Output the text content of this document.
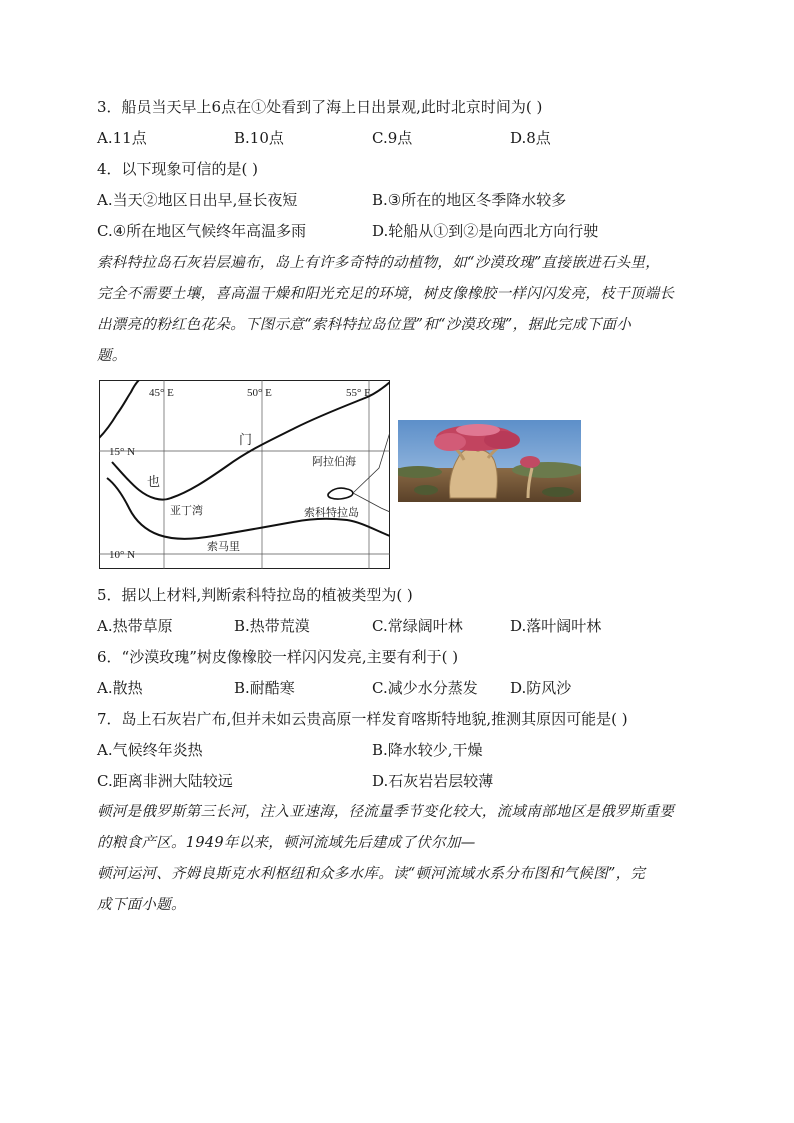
3．船员当天早上6点在①处看到了海上日出景观,此时北京时间为( )
A.11点	B.10点	C.9点	D.8点
4．以下现象可信的是( )
A.当天②地区日出早,昼长夜短	B.③所在的地区冬季降水较多
C.④所在地区气候终年高温多雨	D.轮船从①到②是向西北方向行驶

索科特拉岛石灰岩层遍布，岛上有许多奇特的动植物，如“沙漠玫瑰”直接嵌进石头里，

完全不需要土壤，喜高温干燥和阳光充足的环境，树皮像橡胶一样闪闪发亮，枝干顶端长

出漂亮的粉红色花朵。下图示意“索科特拉岛位置”和“沙漠玫瑰”，据此完成下面小

题。

45° E	50° E	55° E
15° N
10° N
门
也
阿拉伯海
亚丁湾	索科特拉岛
索马里
5．据以上材料,判断索科特拉岛的植被类型为( )
A.热带草原	B.热带荒漠	C.常绿阔叶林	D.落叶阔叶林
6．“沙漠玫瑰”树皮像橡胶一样闪闪发亮,主要有利于( )
A.散热	B.耐酷寒	C.减少水分蒸发 D.防风沙
7．岛上石灰岩广布,但并未如云贵高原一样发育喀斯特地貌,推测其原因可能是( )
A.气候终年炎热	B.降水较少,干燥
C.距离非洲大陆较远	D.石灰岩岩层较薄

顿河是俄罗斯第三长河，注入亚速海，径流量季节变化较大，流域南部地区是俄罗斯重要

的粮食产区。1949年以来，顿河流域先后建成了伏尔加—

顿河运河、齐姆良斯克水利枢纽和众多水库。读“顿河流域水系分布图和气候图”，完

成下面小题。
